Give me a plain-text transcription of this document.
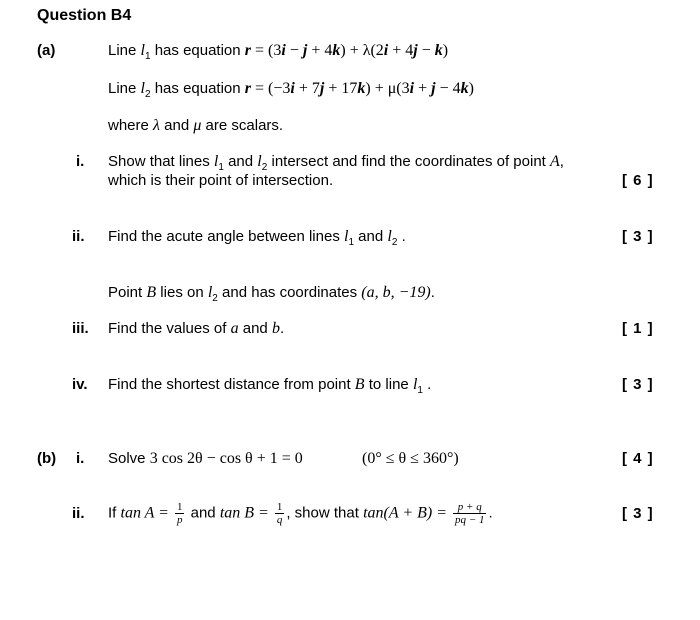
Question B4
(a)	Line $l_1$ has equation r = (3i − j + 4k) + λ(2i + 4j − k)
Line $l_2$ has equation r = (−3i + 7j + 17k) + μ(3i + j − 4k)
where λ and μ are scalars.
i. Show that lines $l_1$ and $l_2$ intersect and find the coordinates of point A,
which is their point of intersection.	[ 6 ]
ii. Find the acute angle between lines $l_1$ and $l_2$ .	[ 3 ]
Point B lies on $l_2$ and has coordinates (a, b, −19).
iii. Find the values of a and b.	[ 1 ]
iv. Find the shortest distance from point B to line $l_1$ .	[ 3 ]
(b) i. Solve 3 cos 2θ − cos θ + 1 = 0	(0° ≤ θ ≤ 360°)	[ 4 ]
ii. If $\tan A = \frac{1}{p}$ and $\tan B = \frac{1}{q}$ , show that $\tan(A + B) = \frac{p + q}{pq - 1}$ .	[ 3 ]
